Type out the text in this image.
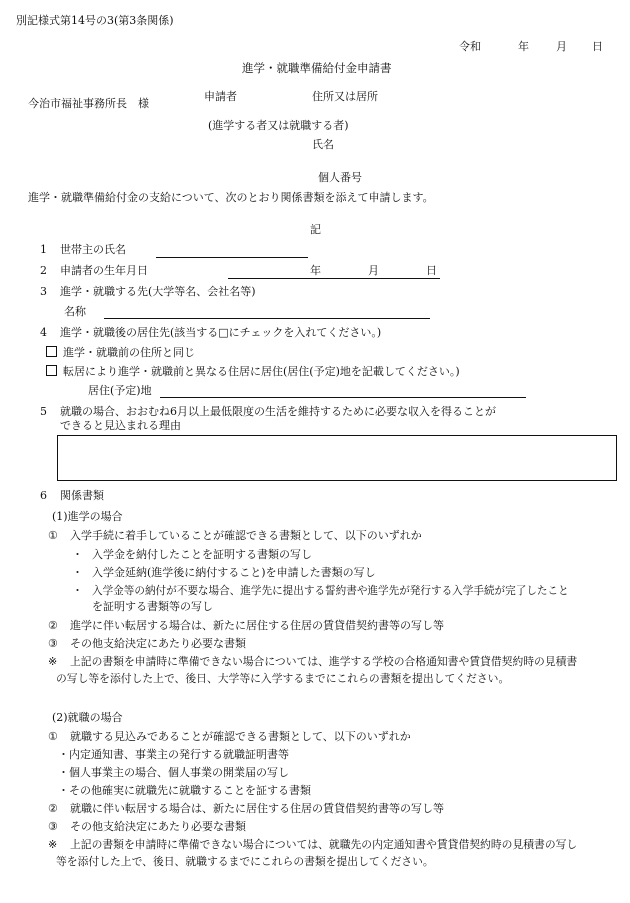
別記様式第14号の3(第3条関係)
令和	年 月 日
進学・就職準備給付金申請書
今治市福祉事務所長　様
申請者	住所又は居所
(進学する者又は就職する者)
氏名
個人番号
進学・就職準備給付金の支給について、次のとおり関係書類を添えて申請します。
記
1 世帯主の氏名
2 申請者の生年月日	年	月	日
3 進学・就職する先(大学等名、会社名等)
名称
4 進学・就職後の居住先(該当する□にチェックを入れてください。)
進学・就職前の住所と同じ
転居により進学・就職前と異なる住居に居住(居住(予定)地を記載してください。)
居住(予定)地
5 就職の場合、おおむね6月以上最低限度の生活を維持するために必要な収入を得ることが
できると見込まれる理由
6 関係書類
(1)進学の場合
① 入学手続に着手していることが確認できる書類として、以下のいずれか
・ 入学金を納付したことを証明する書類の写し
・ 入学金延納(進学後に納付すること)を申請した書類の写し
・ 入学金等の納付が不要な場合、進学先に提出する誓約書や進学先が発行する入学手続が完了したこと
を証明する書類等の写し
② 進学に伴い転居する場合は、新たに居住する住居の賃貸借契約書等の写し等
③ その他支給決定にあたり必要な書類
※ 上記の書類を申請時に準備できない場合については、進学する学校の合格通知書や賃貸借契約時の見積書
の写し等を添付した上で、後日、大学等に入学するまでにこれらの書類を提出してください。
(2)就職の場合
① 就職する見込みであることが確認できる書類として、以下のいずれか
・内定通知書、事業主の発行する就職証明書等
・個人事業主の場合、個人事業の開業届の写し
・その他確実に就職先に就職することを証する書類
② 就職に伴い転居する場合は、新たに居住する住居の賃貸借契約書等の写し等
③ その他支給決定にあたり必要な書類
※ 上記の書類を申請時に準備できない場合については、就職先の内定通知書や賃貸借契約時の見積書の写し
等を添付した上で、後日、就職するまでにこれらの書類を提出してください。
